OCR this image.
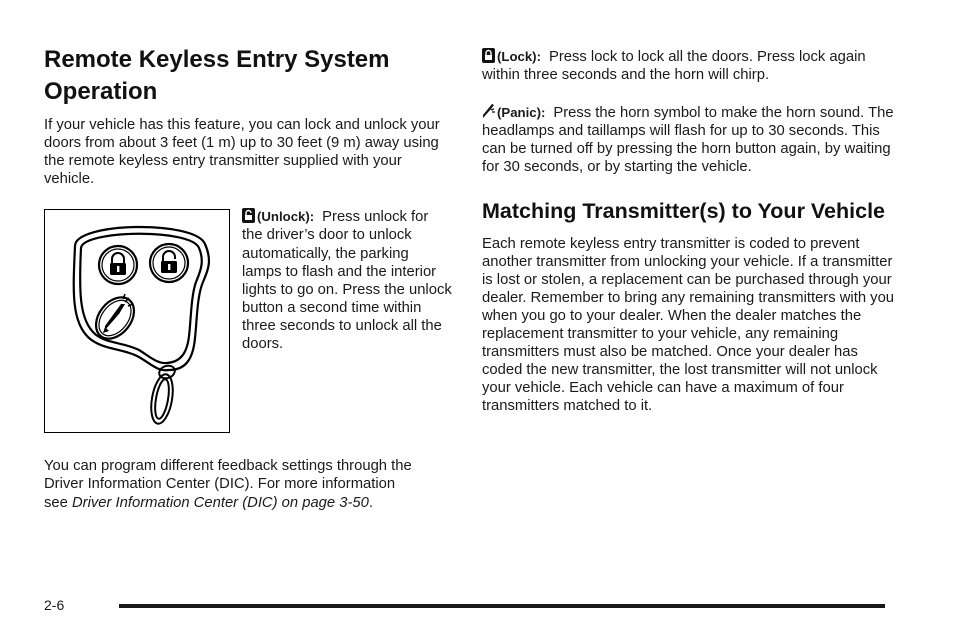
Remote Keyless Entry System Operation

If your vehicle has this feature, you can lock and unlock your doors from about 3 feet (1 m) up to 30 feet (9 m) away using the remote keyless entry transmitter supplied with your vehicle.

(Unlock): Press unlock for the driver’s door to unlock automatically, the parking lamps to flash and the interior lights to go on. Press the unlock button a second time within three seconds to unlock all the doors.

You can program different feedback settings through the Driver Information Center (DIC). For more information see Driver Information Center (DIC) on page 3-50.

(Lock): Press lock to lock all the doors. Press lock again within three seconds and the horn will chirp.

(Panic): Press the horn symbol to make the horn sound. The headlamps and taillamps will flash for up to 30 seconds. This can be turned off by pressing the horn button again, by waiting for 30 seconds, or by starting the vehicle.

Matching Transmitter(s) to Your Vehicle

Each remote keyless entry transmitter is coded to prevent another transmitter from unlocking your vehicle. If a transmitter is lost or stolen, a replacement can be purchased through your dealer. Remember to bring any remaining transmitters with you when you go to your dealer. When the dealer matches the replacement transmitter to your vehicle, any remaining transmitters must also be matched. Once your dealer has coded the new transmitter, the lost transmitter will not unlock your vehicle. Each vehicle can have a maximum of four transmitters matched to it.

2-6
